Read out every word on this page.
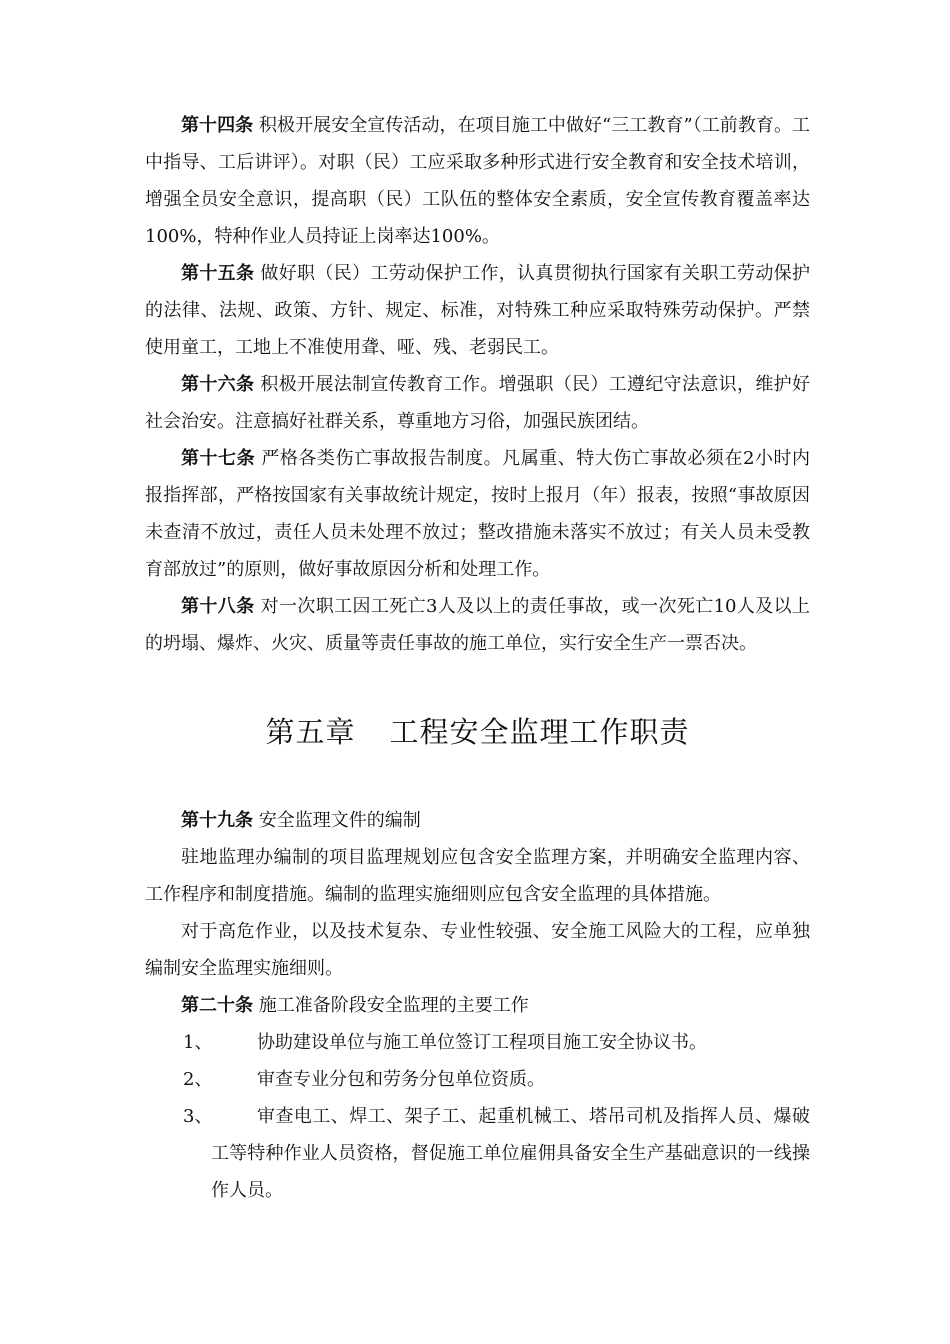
第十四条 积极开展安全宣传活动，在项目施工中做好“三工教育”（工前教育。工中指导、工后讲评）。对职（民）工应采取多种形式进行安全教育和安全技术培训，增强全员安全意识，提高职（民）工队伍的整体安全素质，安全宣传教育覆盖率达100%，特种作业人员持证上岗率达100%。

第十五条 做好职（民）工劳动保护工作，认真贯彻执行国家有关职工劳动保护的法律、法规、政策、方针、规定、标准，对特殊工种应采取特殊劳动保护。严禁使用童工，工地上不准使用聋、哑、残、老弱民工。

第十六条 积极开展法制宣传教育工作。增强职（民）工遵纪守法意识，维护好社会治安。注意搞好社群关系，尊重地方习俗，加强民族团结。

第十七条 严格各类伤亡事故报告制度。凡属重、特大伤亡事故必须在2小时内报指挥部，严格按国家有关事故统计规定，按时上报月（年）报表，按照“事故原因未查清不放过，责任人员未处理不放过；整改措施未落实不放过；有关人员未受教育部放过”的原则，做好事故原因分析和处理工作。

第十八条 对一次职工因工死亡3人及以上的责任事故，或一次死亡10人及以上的坍塌、爆炸、火灾、质量等责任事故的施工单位，实行安全生产一票否决。

第五章 工程安全监理工作职责

第十九条 安全监理文件的编制

驻地监理办编制的项目监理规划应包含安全监理方案，并明确安全监理内容、工作程序和制度措施。编制的监理实施细则应包含安全监理的具体措施。

对于高危作业，以及技术复杂、专业性较强、安全施工风险大的工程，应单独编制安全监理实施细则。

第二十条 施工准备阶段安全监理的主要工作

1、	协助建设单位与施工单位签订工程项目施工安全协议书。
2、	审查专业分包和劳务分包单位资质。
3、	审查电工、焊工、架子工、起重机械工、塔吊司机及指挥人员、爆破工等特种作业人员资格，督促施工单位雇佣具备安全生产基础意识的一线操作人员。
